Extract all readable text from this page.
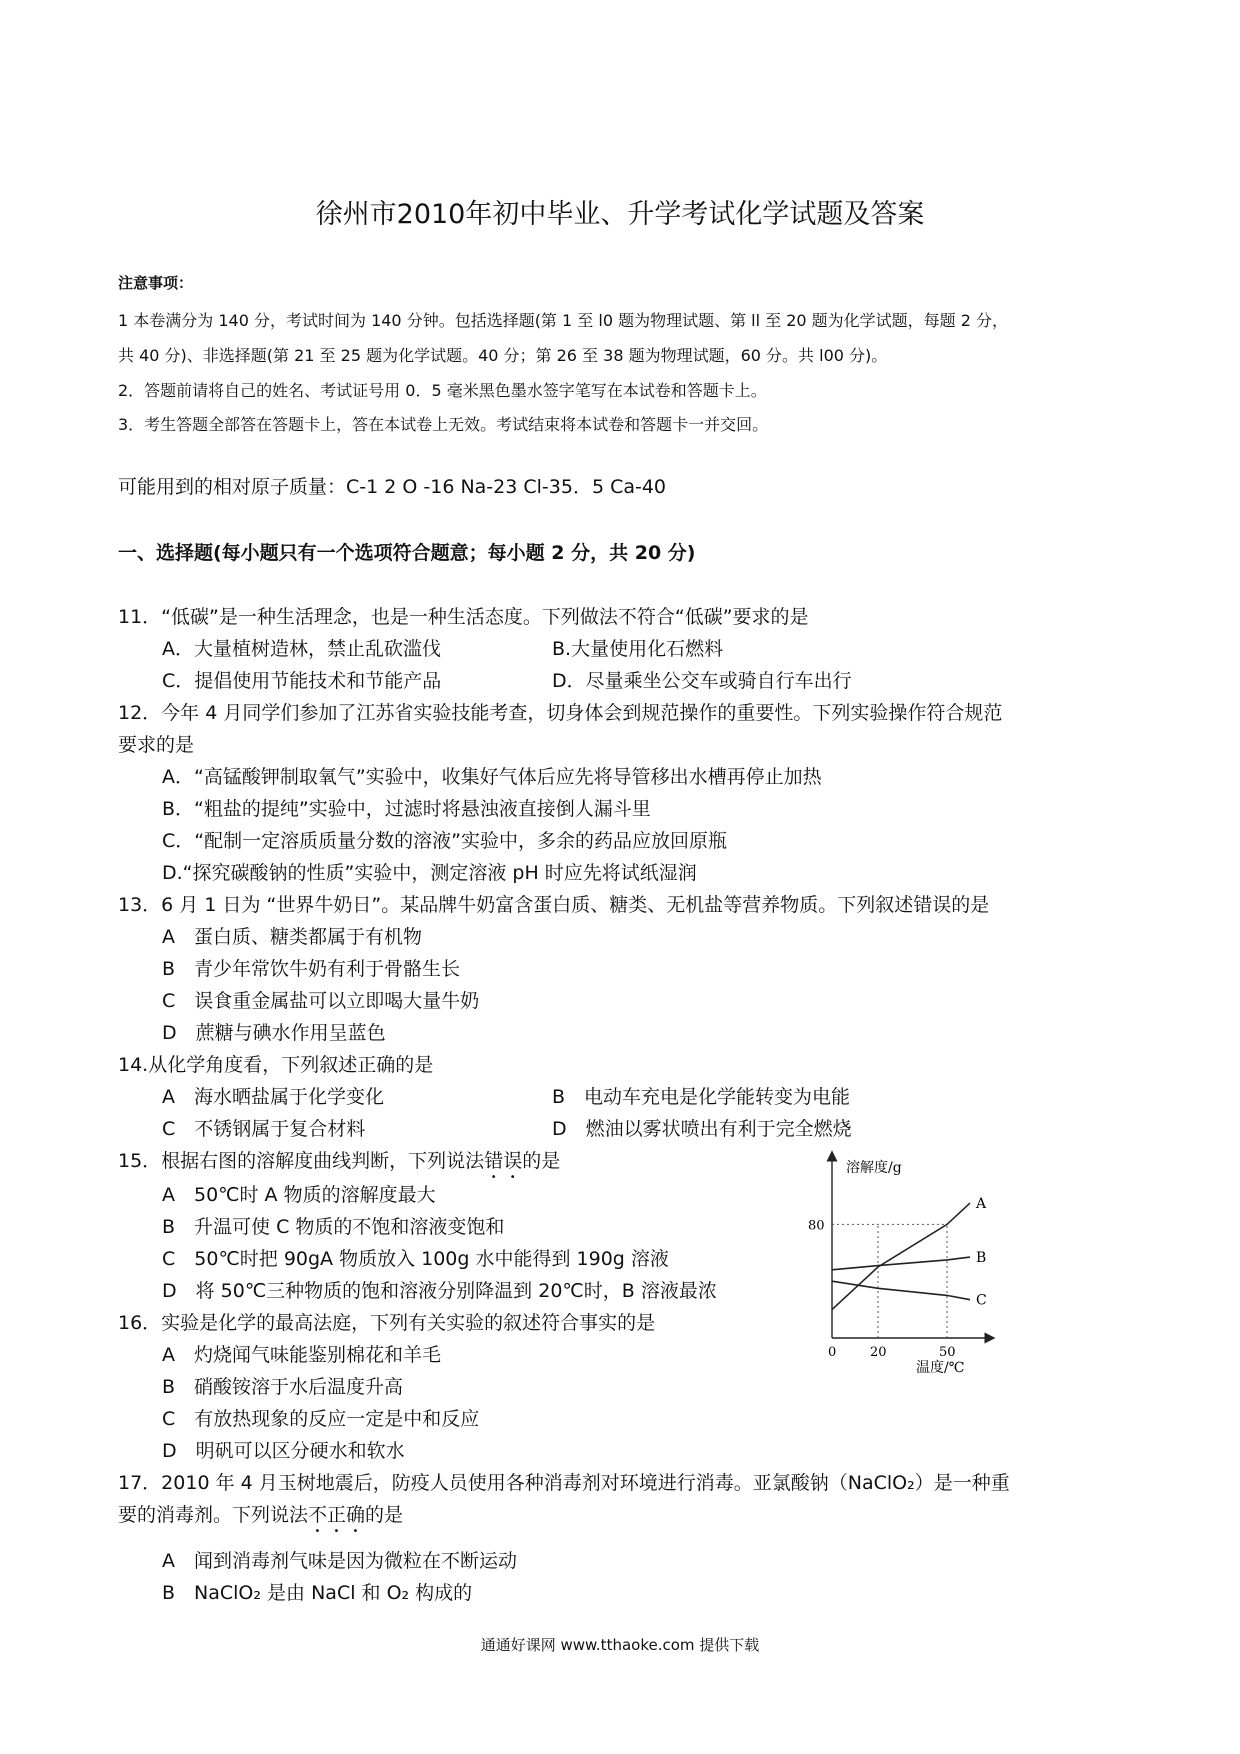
徐州市2010年初中毕业、升学考试化学试题及答案
注意事项：
1 本卷满分为 140 分，考试时间为 140 分钟。包括选择题(第 1 至 l0 题为物理试题、第 ll 至 20 题为化学试题，每题 2 分，
共 40 分)、非选择题(第 21 至 25 题为化学试题。40 分；第 26 至 38 题为物理试题，60 分。共 l00 分)。
2．答题前请将自己的姓名、考试证号用 0．5 毫米黑色墨水签字笔写在本试卷和答题卡上。
3．考生答题全部答在答题卡上，答在本试卷上无效。考试结束将本试卷和答题卡一并交回。
可能用到的相对原子质量：C-1 2 O -16 Na-23 Cl-35．5 Ca-40
一、选择题(每小题只有一个选项符合题意；每小题 2 分，共 20 分)
11．“低碳”是一种生活理念，也是一种生活态度。下列做法不符合“低碳”要求的是
A．大量植树造林，禁止乱砍滥伐	B.大量使用化石燃料
C．提倡使用节能技术和节能产品	D．尽量乘坐公交车或骑自行车出行
12．今年 4 月同学们参加了江苏省实验技能考查，切身体会到规范操作的重要性。下列实验操作符合规范
要求的是
A．“高锰酸钾制取氧气”实验中，收集好气体后应先将导管移出水槽再停止加热
B．“粗盐的提纯”实验中，过滤时将悬浊液直接倒人漏斗里
C．“配制一定溶质质量分数的溶液”实验中，多余的药品应放回原瓶
D.“探究碳酸钠的性质”实验中，测定溶液 pH 时应先将试纸湿润
13．6 月 1 日为 “世界牛奶日”。某品牌牛奶富含蛋白质、糖类、无机盐等营养物质。下列叙述错误的是
A　蛋白质、糖类都属于有机物
B　青少年常饮牛奶有利于骨骼生长
C　误食重金属盐可以立即喝大量牛奶
D　蔗糖与碘水作用呈蓝色
14.从化学角度看，下列叙述正确的是
A　海水晒盐属于化学变化	B　电动车充电是化学能转变为电能
C　不锈钢属于复合材料	D　燃油以雾状喷出有利于完全燃烧
15．根据右图的溶解度曲线判断，下列说法错误的是
A　50℃时 A 物质的溶解度最大
B　升温可使 C 物质的不饱和溶液变饱和
C　50℃时把 90gA 物质放入 100g 水中能得到 190g 溶液
D　将 50℃三种物质的饱和溶液分别降温到 20℃时，B 溶液最浓
16．实验是化学的最高法庭，下列有关实验的叙述符合事实的是
A　灼烧闻气味能鉴别棉花和羊毛
B　硝酸铵溶于水后温度升高
C　有放热现象的反应一定是中和反应
D　明矾可以区分硬水和软水
17．2010 年 4 月玉树地震后，防疫人员使用各种消毒剂对环境进行消毒。亚氯酸钠（NaClO₂）是一种重
要的消毒剂。下列说法不正确的是
A　闻到消毒剂气味是因为微粒在不断运动
B　NaClO₂ 是由 NaCl 和 O₂ 构成的
溶解度/g
温度/℃
0
80
20	50
A
B
C
通通好课网 www.tthaoke.com 提供下载
